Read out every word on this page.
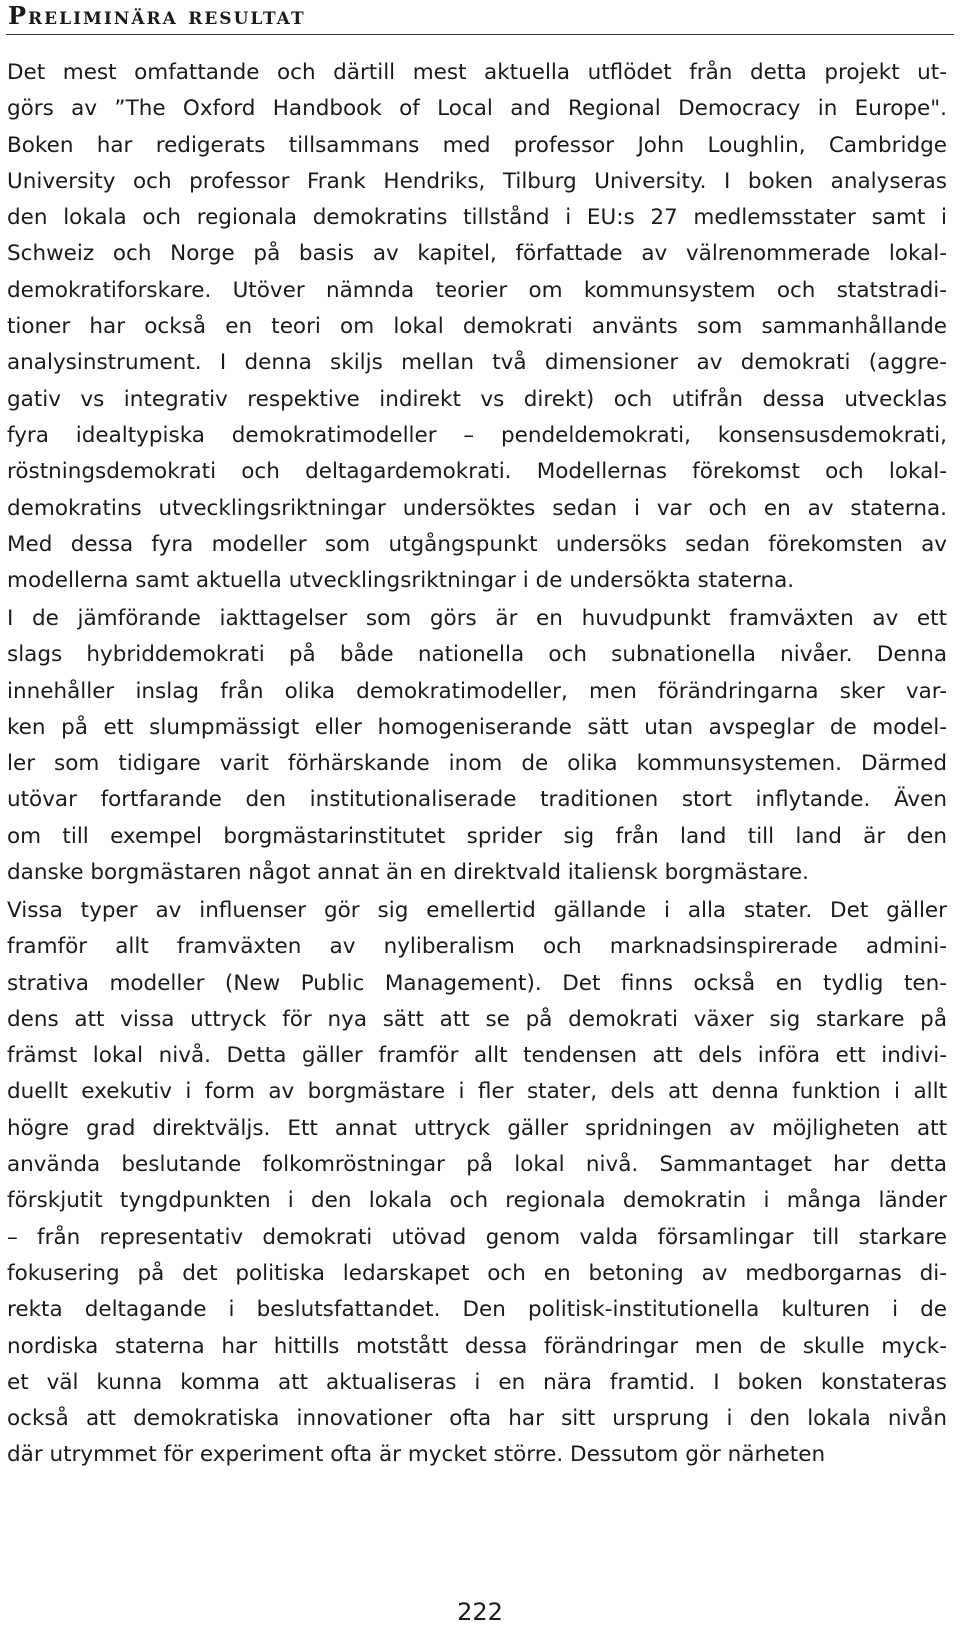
Preliminära resultat
Det mest omfattande och därtill mest aktuella utflödet från detta projekt ut-
görs av ”The Oxford Handbook of Local and Regional Democracy in Europe".
Boken har redigerats tillsammans med professor John Loughlin, Cambridge
University och professor Frank Hendriks, Tilburg University. I boken analyseras
den lokala och regionala demokratins tillstånd i EU:s 27 medlemsstater samt i
Schweiz och Norge på basis av kapitel, författade av välrenommerade lokal-
demokratiforskare. Utöver nämnda teorier om kommunsystem och statstradi-
tioner har också en teori om lokal demokrati använts som sammanhållande
analysinstrument. I denna skiljs mellan två dimensioner av demokrati (aggre-
gativ vs integrativ respektive indirekt vs direkt) och utifrån dessa utvecklas
fyra idealtypiska demokratimodeller – pendeldemokrati, konsensusdemokrati,
röstningsdemokrati och deltagardemokrati. Modellernas förekomst och lokal-
demokratins utvecklingsriktningar undersöktes sedan i var och en av staterna.
Med dessa fyra modeller som utgångspunkt undersöks sedan förekomsten av
modellerna samt aktuella utvecklingsriktningar i de undersökta staterna.
I de jämförande iakttagelser som görs är en huvudpunkt framväxten av ett
slags hybriddemokrati på både nationella och subnationella nivåer. Denna
innehåller inslag från olika demokratimodeller, men förändringarna sker var-
ken på ett slumpmässigt eller homogeniserande sätt utan avspeglar de model-
ler som tidigare varit förhärskande inom de olika kommunsystemen. Därmed
utövar fortfarande den institutionaliserade traditionen stort inflytande. Även
om till exempel borgmästarinstitutet sprider sig från land till land är den
danske borgmästaren något annat än en direktvald italiensk borgmästare.
Vissa typer av influenser gör sig emellertid gällande i alla stater. Det gäller
framför allt framväxten av nyliberalism och marknadsinspirerade admini-
strativa modeller (New Public Management). Det finns också en tydlig ten-
dens att vissa uttryck för nya sätt att se på demokrati växer sig starkare på
främst lokal nivå. Detta gäller framför allt tendensen att dels införa ett indivi-
duellt exekutiv i form av borgmästare i fler stater, dels att denna funktion i allt
högre grad direktväljs. Ett annat uttryck gäller spridningen av möjligheten att
använda beslutande folkomröstningar på lokal nivå. Sammantaget har detta
förskjutit tyngdpunkten i den lokala och regionala demokratin i många länder
– från representativ demokrati utövad genom valda församlingar till starkare
fokusering på det politiska ledarskapet och en betoning av medborgarnas di-
rekta deltagande i beslutsfattandet. Den politisk-institutionella kulturen i de
nordiska staterna har hittills motstått dessa förändringar men de skulle myck-
et väl kunna komma att aktualiseras i en nära framtid. I boken konstateras
också att demokratiska innovationer ofta har sitt ursprung i den lokala nivån
där utrymmet för experiment ofta är mycket större. Dessutom gör närheten
222
